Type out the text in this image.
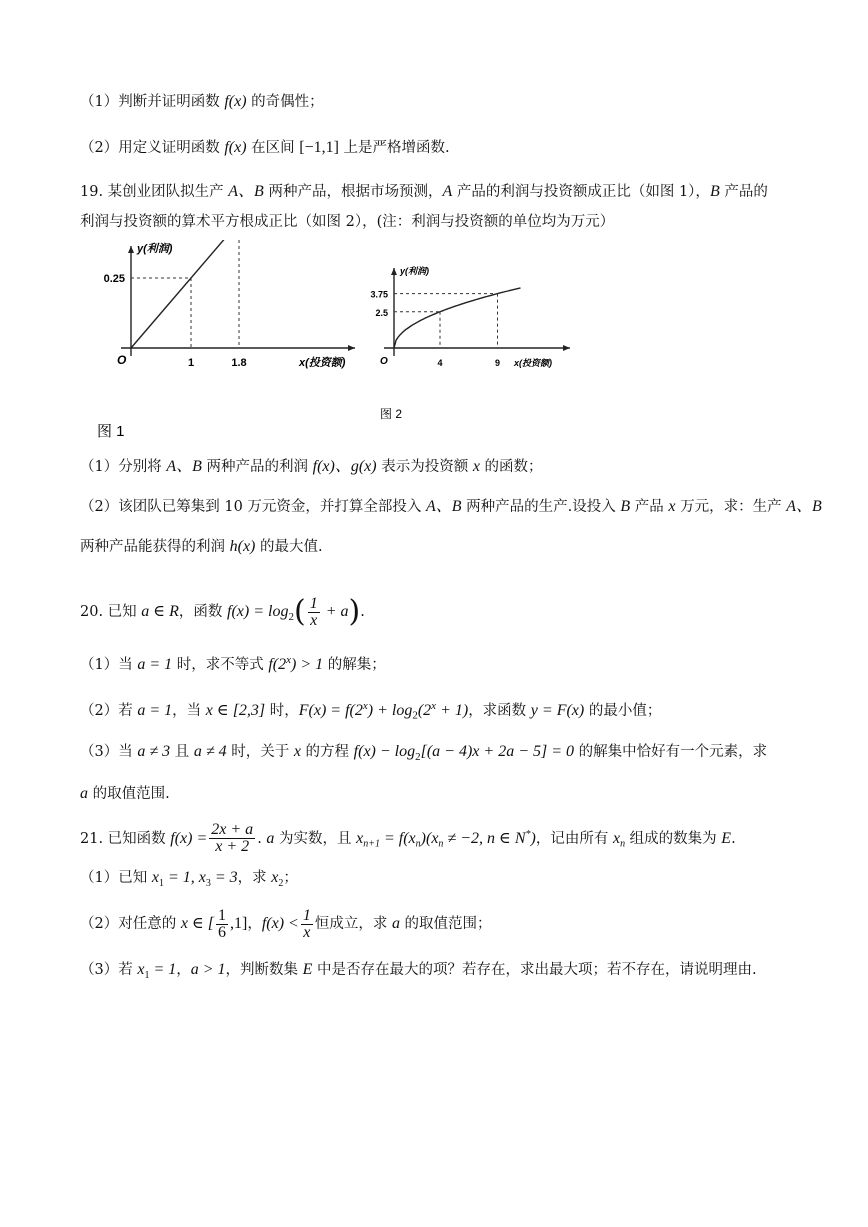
（1）判断并证明函数 f(x) 的奇偶性；
（2）用定义证明函数 f(x) 在区间 [−1,1] 上是严格增函数.
19. 某创业团队拟生产 A、B 两种产品，根据市场预测，A 产品的利润与投资额成正比（如图 1），B 产品的
利润与投资额的算术平方根成正比（如图 2），(注：利润与投资额的单位均为万元）
y(利润)
x(投资额)
O
0.25
1	1.8
图 1
y(利润)
x(投资额)
O
3.75
2.5
4	9
图 2
（1）分别将 A、B 两种产品的利润 f(x)、g(x) 表示为投资额 x 的函数；
（2）该团队已筹集到 10 万元资金，并打算全部投入 A、B 两种产品的生产.设投入 B 产品 x 万元，求：生产 A、B
两种产品能获得的利润 h(x) 的最大值.
20. 已知 a ∈ R，函数 $f(x) = \log_2( \frac{1}{x} + a)$.
（1）当 a = 1 时，求不等式 $f(2^x) > 1$ 的解集；
（2）若 a = 1，当 x ∈ [2,3] 时，$F(x) = f(2^x) + \log_2(2^x + 1)$，求函数 y = F(x) 的最小值；
（3）当 a ≠ 3 且 a ≠ 4 时，关于 x 的方程 $f(x) - \log_2[(a - 4)x + 2a - 5] = 0$ 的解集中恰好有一个元素，求
a 的取值范围.
21. 已知函数 $f(x) = \frac{2x + a}{x + 2}$ . a 为实数，且 $x_{n+1} = f(x_n)(x_n \ne -2$, n ∈ N*)，记由所有 $x_n$ 组成的数集为 E.
（1）已知 $x_1 = 1$, $x_3 = 3$，求 $x_2$；
（2）对任意的 x ∈ [ $\frac{1}{6} ,1$]，$f(x) < \frac{1}{x}$ 恒成立，求 a 的取值范围；
（3）若 $x_1 = 1$，a > 1，判断数集 E 中是否存在最大的项？若存在，求出最大项；若不存在，请说明理由.
